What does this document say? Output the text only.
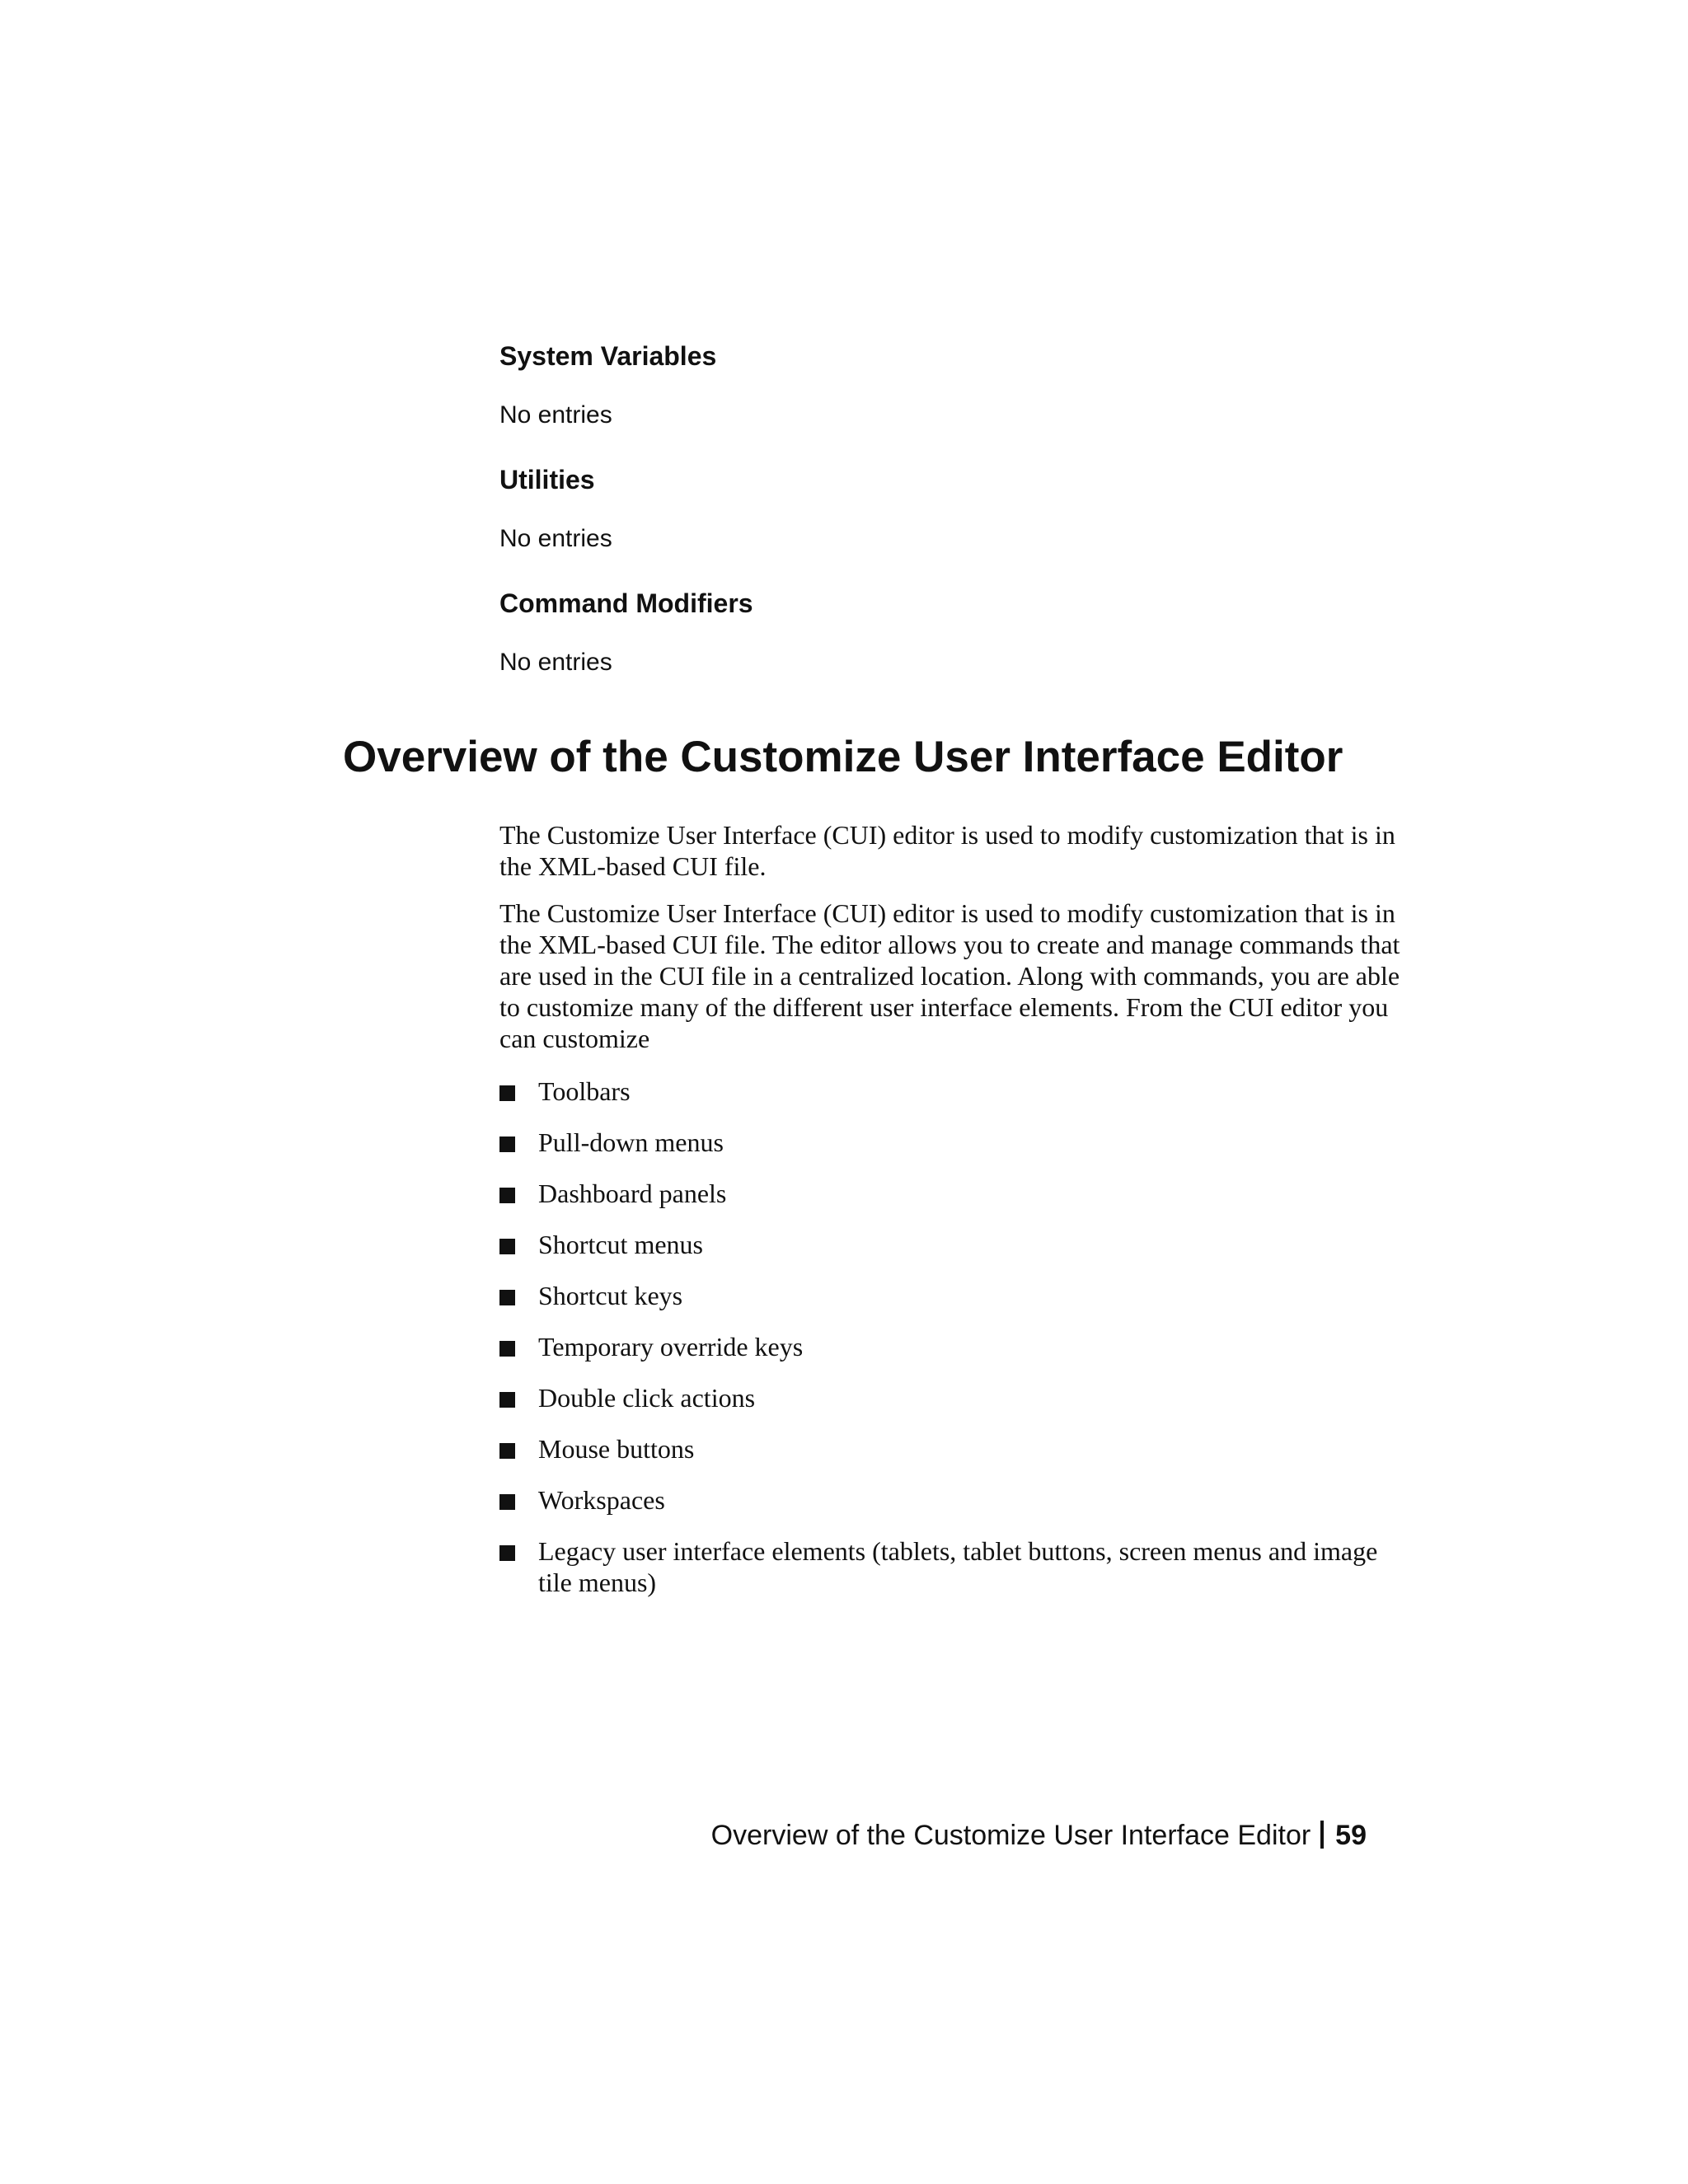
System Variables

No entries

Utilities

No entries

Command Modifiers

No entries

Overview of the Customize User Interface Editor

The Customize User Interface (CUI) editor is used to modify customization that is in the XML-based CUI file.

The Customize User Interface (CUI) editor is used to modify customization that is in the XML-based CUI file. The editor allows you to create and manage commands that are used in the CUI file in a centralized location. Along with commands, you are able to customize many of the different user interface elements. From the CUI editor you can customize

Toolbars
Pull-down menus
Dashboard panels
Shortcut menus
Shortcut keys
Temporary override keys
Double click actions
Mouse buttons
Workspaces
Legacy user interface elements (tablets, tablet buttons, screen menus and image tile menus)

Overview of the Customize User Interface Editor 59
